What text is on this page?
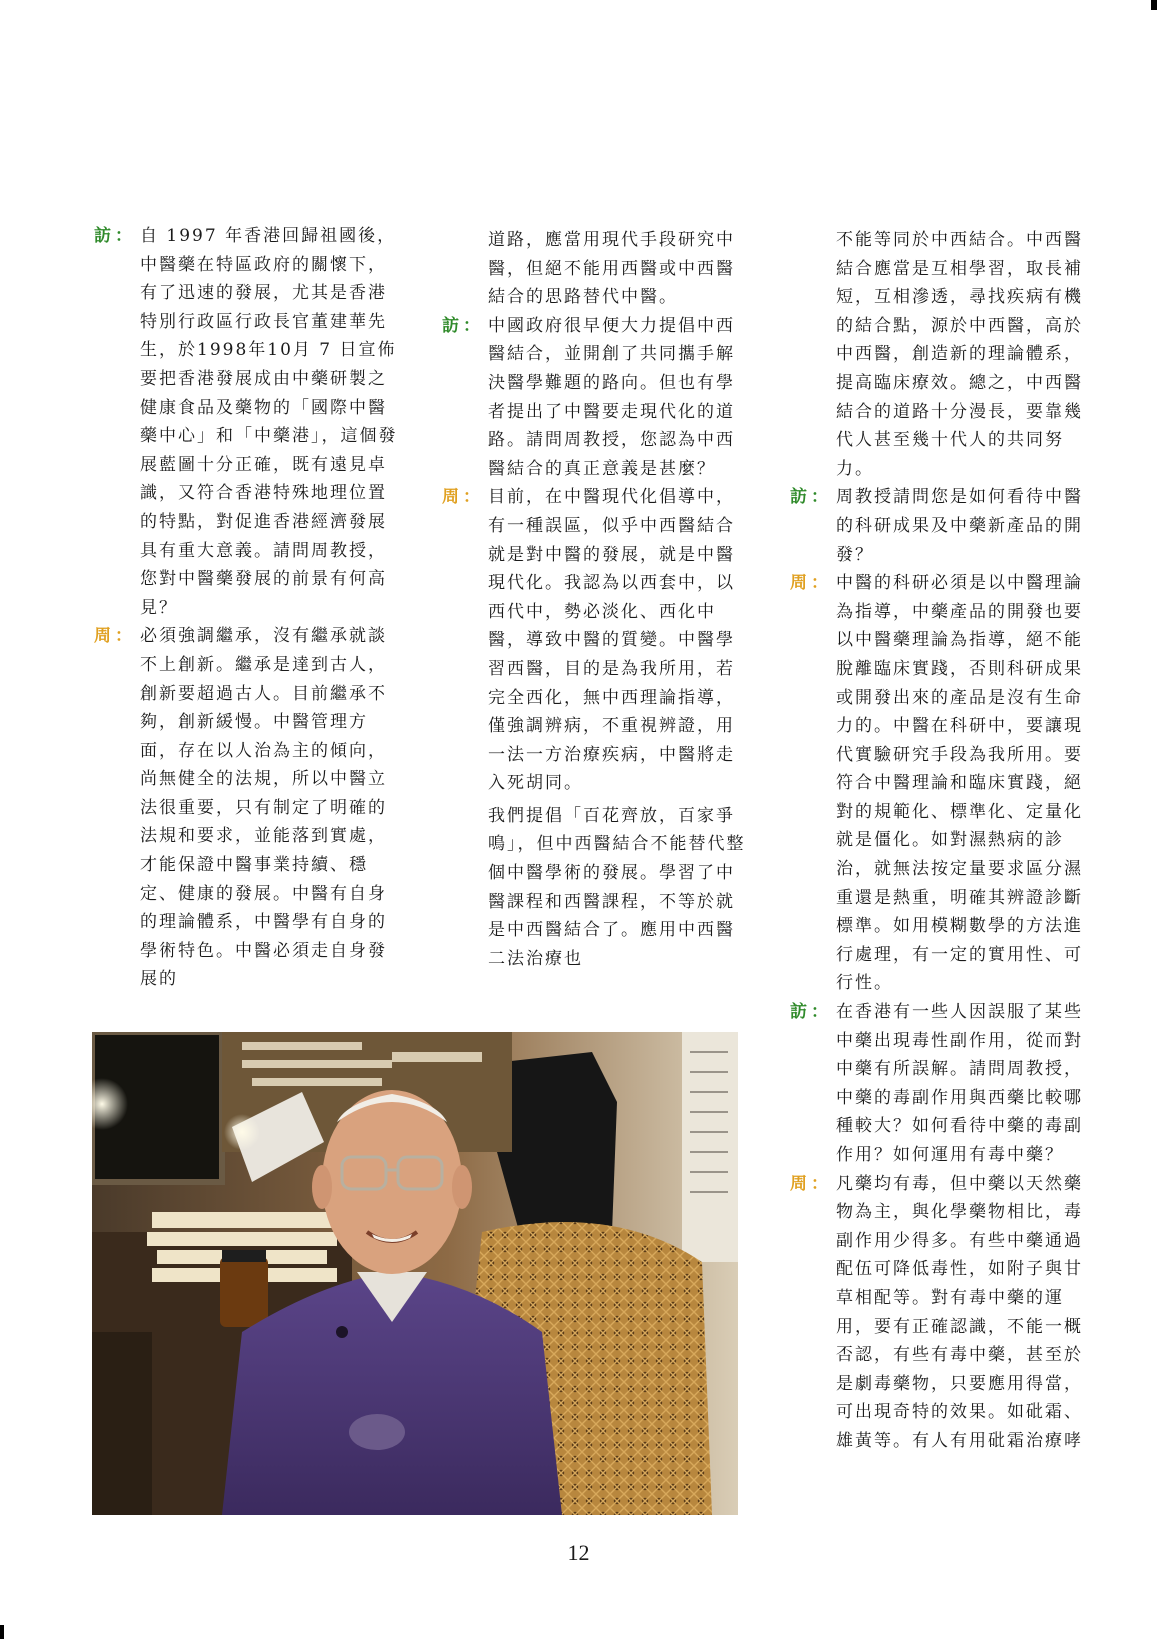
訪 ： 自 1997 年香港回歸祖國後，中醫藥在特區政府的關懷下，有了迅速的發展，尤其是香港特別行政區行政長官董建華先生，於1998年10月 7 日宣佈要把香港發展成由中藥研製之健康食品及藥物的「國際中醫藥中心」和「中藥港」，這個發展藍圖十分正確，既有遠見卓識，又符合香港特殊地理位置的特點，對促進香港經濟發展具有重大意義。請問周教授，您對中醫藥發展的前景有何高見？
周 ： 必須強調繼承，沒有繼承就談不上創新。繼承是達到古人，創新要超過古人。目前繼承不夠，創新緩慢。中醫管理方面，存在以人治為主的傾向，尚無健全的法規，所以中醫立法很重要，只有制定了明確的法規和要求，並能落到實處，才能保證中醫事業持續、穩定、健康的發展。中醫有自身的理論體系，中醫學有自身的學術特色。中醫必須走自身發展的
道路，應當用現代手段研究中醫，但絕不能用西醫或中西醫結合的思路替代中醫。
訪 ： 中國政府很早便大力提倡中西醫結合，並開創了共同攜手解決醫學難題的路向。但也有學者提出了中醫要走現代化的道路。請問周教授，您認為中西醫結合的真正意義是甚麼？
周 ： 目前，在中醫現代化倡導中，有一種誤區，似乎中西醫結合就是對中醫的發展，就是中醫現代化。我認為以西套中，以西代中，勢必淡化、西化中醫，導致中醫的質變。中醫學習西醫，目的是為我所用，若完全西化，無中西理論指導，僅強調辨病，不重視辨證，用一法一方治療疾病，中醫將走入死胡同。
我們提倡「百花齊放，百家爭鳴」，但中西醫結合不能替代整個中醫學術的發展。學習了中醫課程和西醫課程，不等於就是中西醫結合了。應用中西醫二法治療也
不能等同於中西結合。中西醫結合應當是互相學習，取長補短，互相滲透，尋找疾病有機的結合點，源於中西醫，高於中西醫，創造新的理論體系，提高臨床療效。總之，中西醫結合的道路十分漫長，要靠幾代人甚至幾十代人的共同努力。
訪 ： 周教授請問您是如何看待中醫的科研成果及中藥新產品的開發？
周 ： 中醫的科研必須是以中醫理論為指導，中藥產品的開發也要以中醫藥理論為指導，絕不能脫離臨床實踐，否則科研成果或開發出來的產品是沒有生命力的。中醫在科研中，要讓現代實驗研究手段為我所用。要符合中醫理論和臨床實踐，絕對的規範化、標準化、定量化就是僵化。如對濕熱病的診治，就無法按定量要求區分濕重還是熱重，明確其辨證診斷標準。如用模糊數學的方法進行處理，有一定的實用性、可行性。
訪 ： 在香港有一些人因誤服了某些中藥出現毒性副作用，從而對中藥有所誤解。請問周教授，中藥的毒副作用與西藥比較哪種較大？如何看待中藥的毒副作用？如何運用有毒中藥？
周 ： 凡藥均有毒，但中藥以天然藥物為主，與化學藥物相比，毒副作用少得多。有些中藥通過配伍可降低毒性，如附子與甘草相配等。對有毒中藥的運用，要有正確認識，不能一概否認，有些有毒中藥，甚至於是劇毒藥物，只要應用得當，可出現奇特的效果。如砒霜、雄黃等。有人有用砒霜治療哮
12
